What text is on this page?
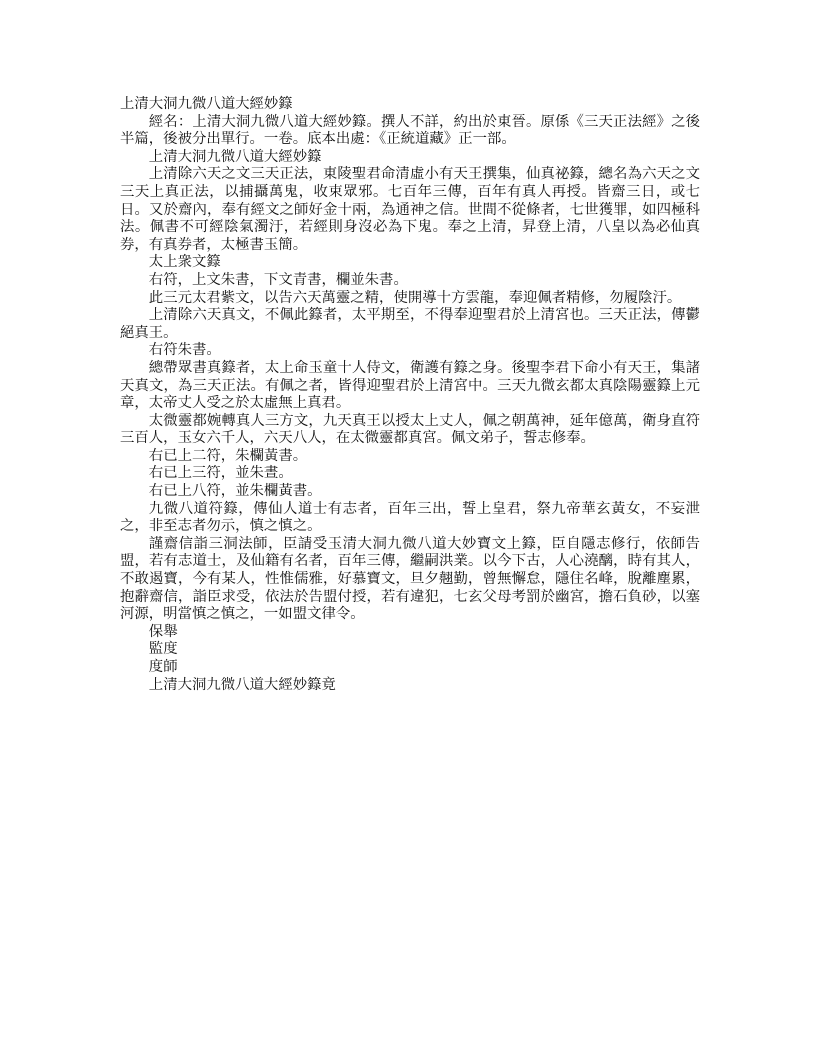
上清大洞九微八道大經妙籙

經名：上清大洞九微八道大經妙籙。撰人不詳，約出於東晉。原係《三天正法經》之後半篇，後被分出單行。一卷。底本出處：《正統道藏》正一部。

上清大洞九微八道大經妙籙

上清除六天之文三天正法，東陵聖君命清虛小有天王撰集，仙真祕籙，總名為六天之文三天上真正法，以捕攝萬鬼，收束眾邪。七百年三傳，百年有真人再授。皆齋三日，或七日。又於齋內，奉有經文之師好金十兩，為通神之信。世間不從條者，七世獲罪，如四極科法。佩書不可經陰氣濁汙，若經則身沒必為下鬼。奉之上清，昇登上清，八皇以為必仙真券，有真券者，太極書玉簡。

太上衆文籙

右符，上文朱書，下文青書，欄並朱書。

此三元太君紫文，以告六天萬靈之精，使開導十方雲龍，奉迎佩者精修，勿履陰汙。

上清除六天真文，不佩此籙者，太平期至，不得奉迎聖君於上清宮也。三天正法，傳鬱絕真王。

右符朱書。

總帶眾書真籙者，太上命玉童十人侍文，衛護有籙之身。後聖李君下命小有天王，集諸天真文，為三天正法。有佩之者，皆得迎聖君於上清宮中。三天九微玄都太真陰陽靈籙上元章，太帝丈人受之於太虛無上真君。

太微靈都婉轉真人三方文，九天真王以授太上丈人，佩之朝萬神，延年億萬，衛身直符三百人，玉女六千人，六天八人，在太微靈都真宮。佩文弟子，誓志修奉。

右已上二符，朱欄黃書。

右已上三符，並朱晝。

右已上八符，並朱欄黃書。

九微八道符籙，傳仙人道士有志者，百年三出，誓上皇君，祭九帝華玄黃女，不妄泄之，非至志者勿示，慎之慎之。

謹齋信詣三洞法師，臣請受玉清大洞九微八道大妙寶文上籙，臣自隱志修行，依師告盟，若有志道士，及仙籍有名者，百年三傳，繼嗣洪業。以今下古，人心澆醨，時有其人，不敢遏寶，今有某人，性惟儒雅，好慕寶文，旦夕翹勤，曾無懈怠，隱住名峰，脫離塵累，抱辭齋信，詣臣求受，依法於告盟付授，若有違犯，七玄父母考罰於幽宮，擔石負砂，以塞河源，明當慎之慎之，一如盟文律令。

保舉

監度

度師

上清大洞九微八道大經妙籙竟
